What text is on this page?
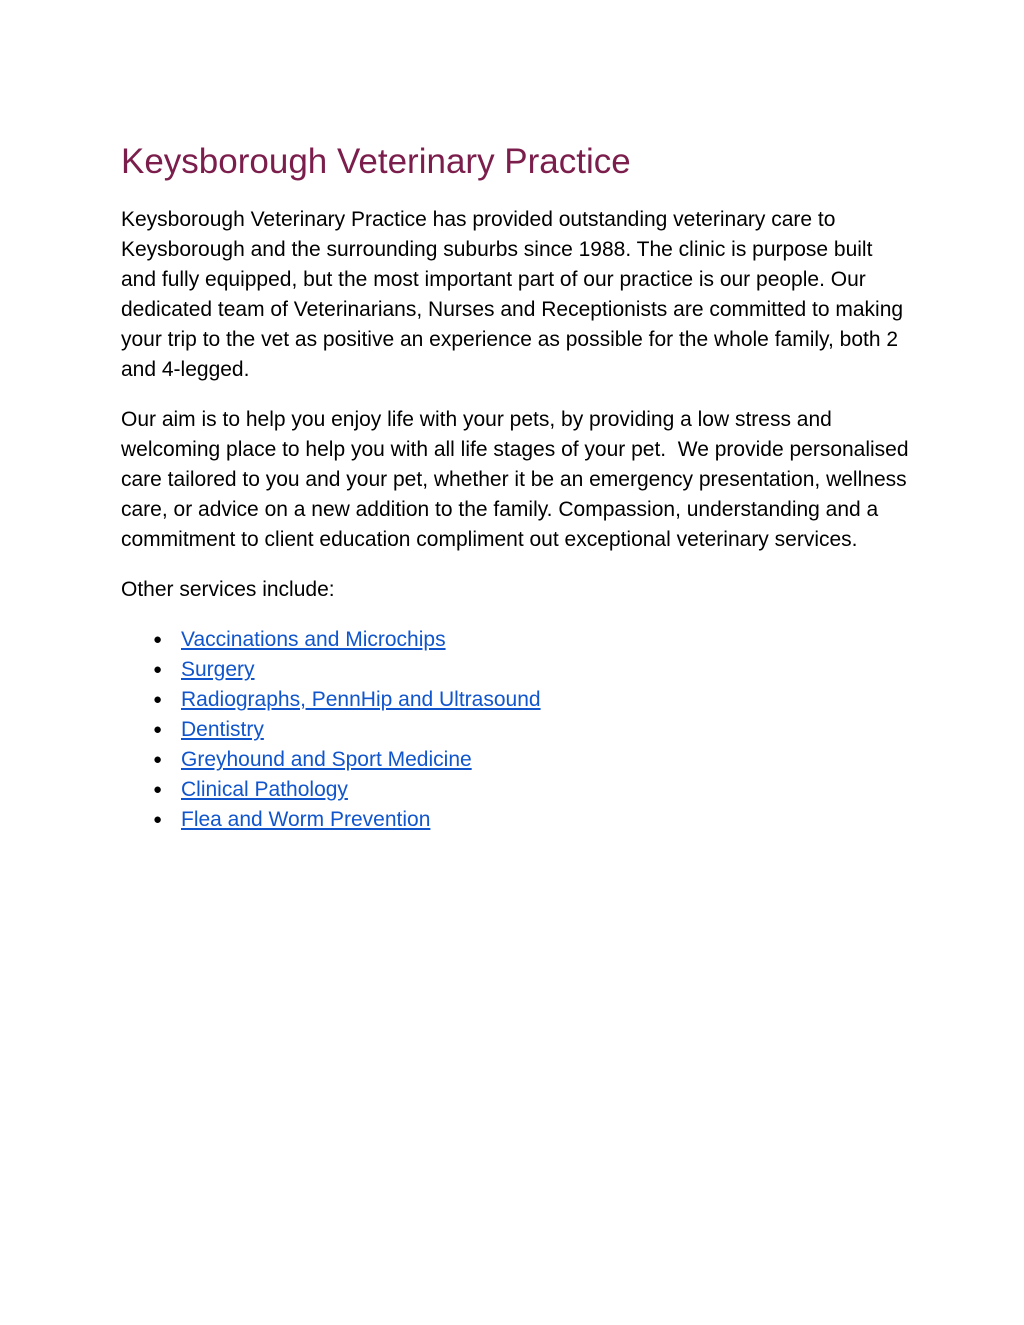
Keysborough Veterinary Practice

Keysborough Veterinary Practice has provided outstanding veterinary care to Keysborough and the surrounding suburbs since 1988. The clinic is purpose built and fully equipped, but the most important part of our practice is our people. Our dedicated team of Veterinarians, Nurses and Receptionists are committed to making your trip to the vet as positive an experience as possible for the whole family, both 2 and 4-legged.

Our aim is to help you enjoy life with your pets, by providing a low stress and welcoming place to help you with all life stages of your pet.  We provide personalised care tailored to you and your pet, whether it be an emergency presentation, wellness care, or advice on a new addition to the family. Compassion, understanding and a commitment to client education compliment out exceptional veterinary services.

Other services include:

● Vaccinations and Microchips
● Surgery
● Radiographs, PennHip and Ultrasound
● Dentistry
● Greyhound and Sport Medicine
● Clinical Pathology
● Flea and Worm Prevention
